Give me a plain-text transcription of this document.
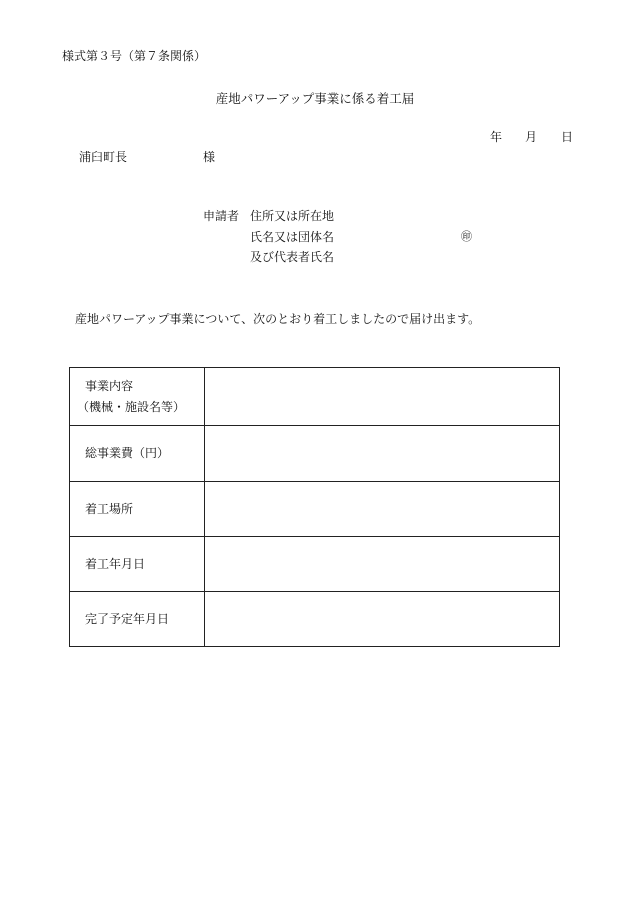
様式第３号（第７条関係）
産地パワーアップ事業に係る着工届
年 月 日
浦臼町長	様
申請者 住所又は所在地
氏名又は団体名	㊞
及び代表者氏名
産地パワーアップ事業について、次のとおり着工しましたので届け出ます。
事業内容
（機械・施設名等）	

総事業費（円）	
着工場所	
着工年月日	
完了予定年月日	
